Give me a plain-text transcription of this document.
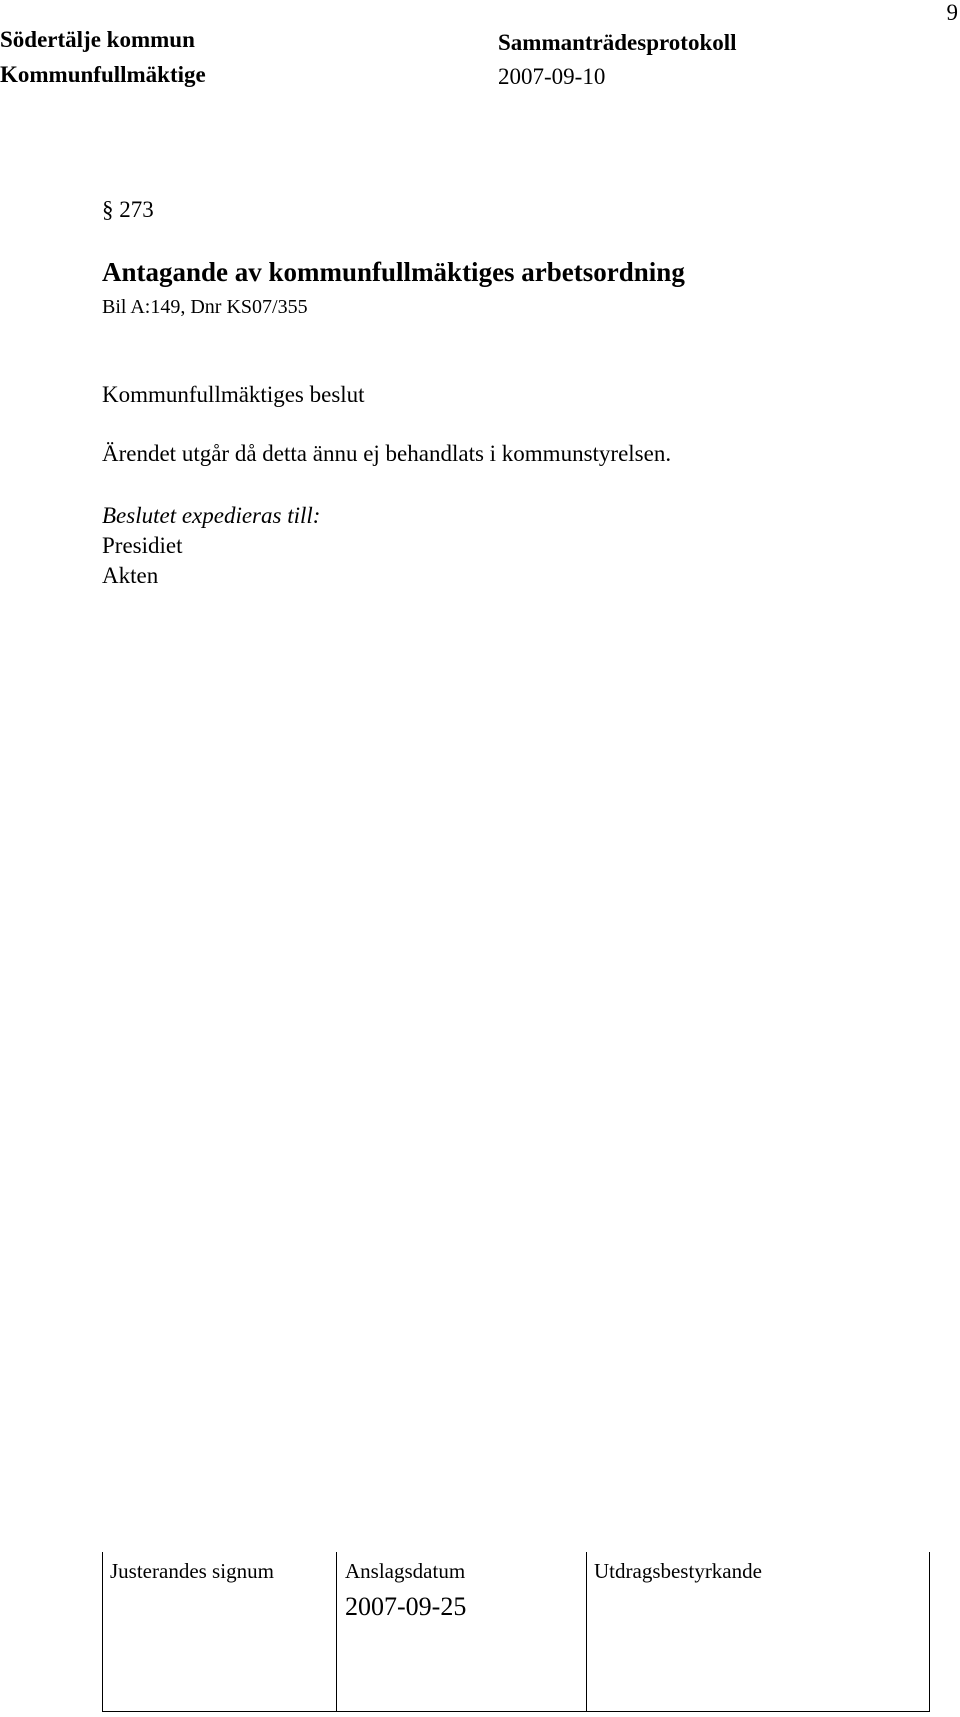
Södertälje kommun
Kommunfullmäktige
Sammanträdesprotokoll
2007-09-10
9
§ 273
Antagande av kommunfullmäktiges arbetsordning
Bil A:149, Dnr KS07/355
Kommunfullmäktiges beslut
Ärendet utgår då detta ännu ej behandlats i kommunstyrelsen.
Beslutet expedieras till:
Presidiet
Akten
Justerandes signum	Anslagsdatum
2007-09-25
Utdragsbestyrkande
